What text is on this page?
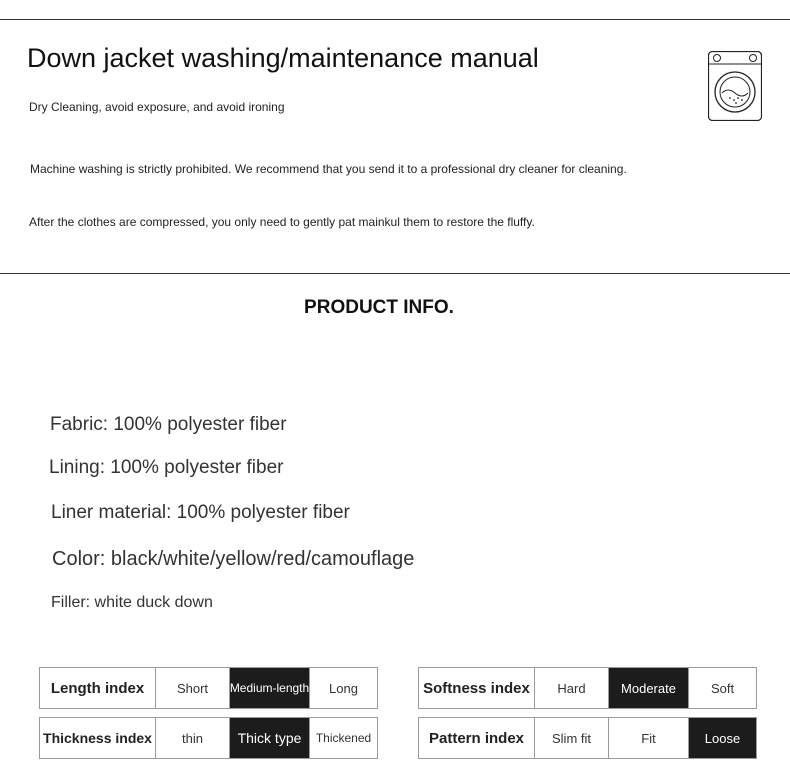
Down jacket washing/maintenance manual
Dry Cleaning, avoid exposure, and avoid ironing
Machine washing is strictly prohibited. We recommend that you send it to a professional dry cleaner for cleaning.
After the clothes are compressed, you only need to gently pat mainkul them to restore the fluffy.
PRODUCT INFO.
Fabric: 100% polyester fiber
Lining: 100% polyester fiber
Liner material: 100% polyester fiber
Color: black/white/yellow/red/camouflage
Filler: white duck down
Length index	Short	Medium-length	Long	Softness index	Hard	Moderate	Soft
Thickness index	thin	Thick type	Thickened	Pattern index	Slim fit	Fit	Loose
